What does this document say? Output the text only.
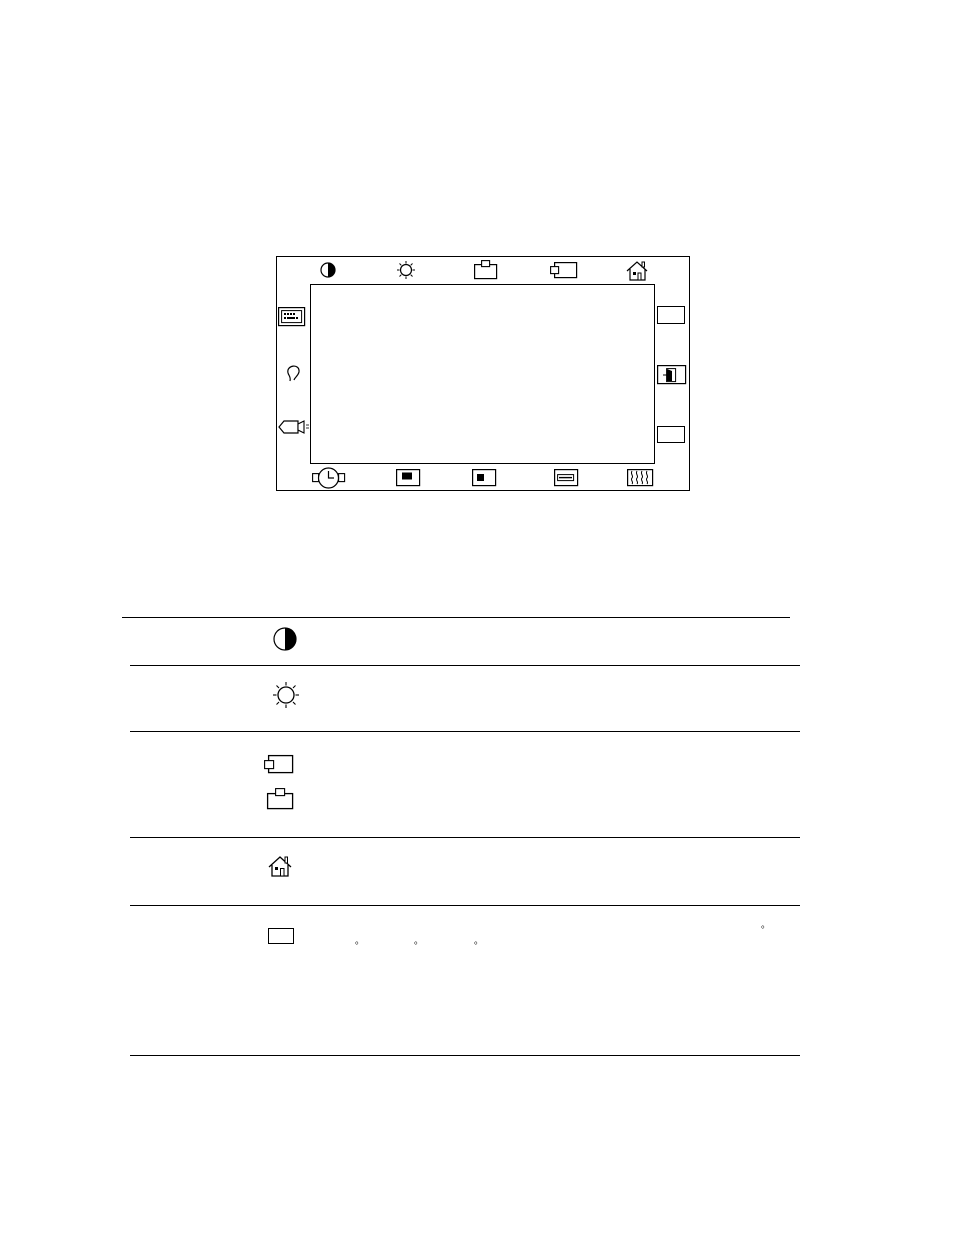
°
°	°	°
